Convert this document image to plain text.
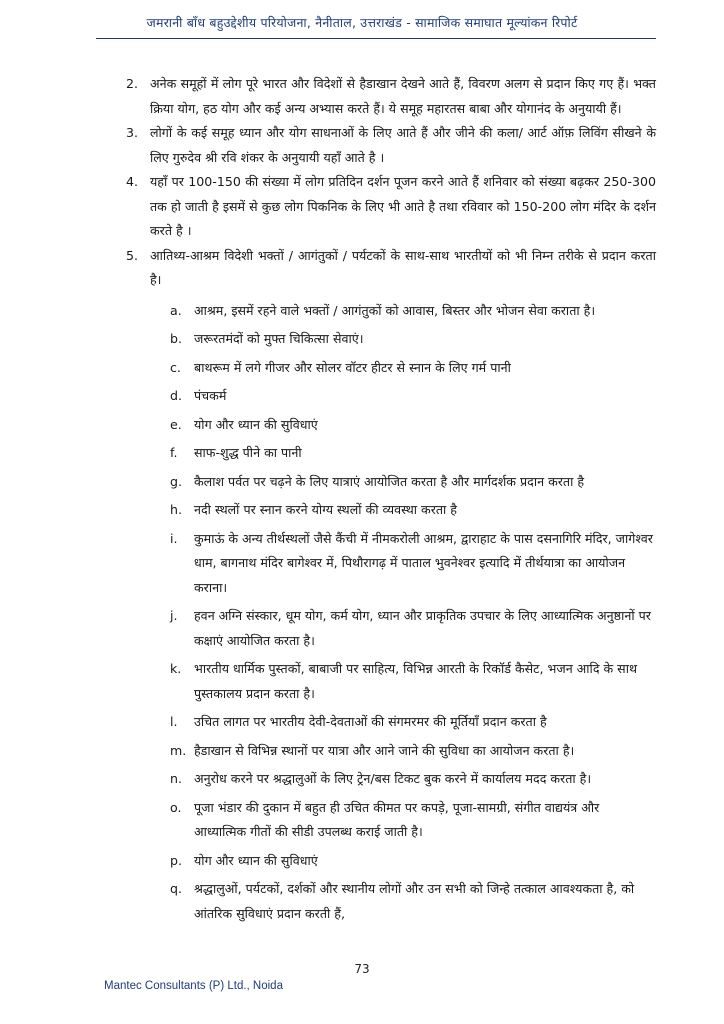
जमरानी बाँध बहुउद्देशीय परियोजना, नैनीताल, उत्तराखंड - सामाजिक समाघात मूल्यांकन रिपोर्ट
2. अनेक समूहों में लोग पूरे भारत और विदेशों से हैडाखान देखने आते हैं, विवरण अलग से प्रदान किए गए हैं। भक्त क्रिया योग, हठ योग और कई अन्य अभ्यास करते हैं। ये समूह महारतस बाबा और योगानंद के अनुयायी हैं।
3. लोगों के कई समूह ध्यान और योग साधनाओं के लिए आते हैं और जीने की कला/ आर्ट ऑफ़ लिविंग सीखने के लिए गुरुदेव श्री रवि शंकर के अनुयायी यहाँ आते है ।
4. यहाँ पर 100-150 की संख्या में लोग प्रतिदिन दर्शन पूजन करने आते हैं शनिवार को संख्या बढ़कर 250-300 तक हो जाती है इसमें से कुछ लोग पिकनिक के लिए भी आते है तथा रविवार को 150-200 लोग मंदिर के दर्शन करते है ।
5. आतिथ्य-आश्रम विदेशी भक्तों / आगंतुकों / पर्यटकों के साथ-साथ भारतीयों को भी निम्न तरीके से प्रदान करता है।
a. आश्रम, इसमें रहने वाले भक्तों / आगंतुकों को आवास, बिस्तर और भोजन सेवा कराता है।
b. जरूरतमंदों को मुफ्त चिकित्सा सेवाएं।
c. बाथरूम में लगे गीजर और सोलर वॉटर हीटर से स्नान के लिए गर्म पानी
d. पंचकर्म
e. योग और ध्यान की सुविधाएं
f. साफ-शुद्ध पीने का पानी
g. कैलाश पर्वत पर चढ़ने के लिए यात्राएं आयोजित करता है और मार्गदर्शक प्रदान करता है
h. नदी स्थलों पर स्नान करने योग्य स्थलों की व्यवस्था करता है
i. कुमाऊं के अन्य तीर्थस्थलों जैसे कैंची में नीमकरोली आश्रम, द्वाराहाट के पास दसनागिरि मंदिर, जागेश्वर धाम, बागनाथ मंदिर बागेश्वर में, पिथौरागढ़ में पाताल भुवनेश्वर इत्यादि में तीर्थयात्रा का आयोजन कराना।
j. हवन अग्नि संस्कार, धूम योग, कर्म योग, ध्यान और प्राकृतिक उपचार के लिए आध्यात्मिक अनुष्ठानों पर कक्षाएं आयोजित करता है।
k. भारतीय धार्मिक पुस्तकों, बाबाजी पर साहित्य, विभिन्न आरती के रिकॉर्ड कैसेट, भजन आदि के साथ पुस्तकालय प्रदान करता है।
l. उचित लागत पर भारतीय देवी-देवताओं की संगमरमर की मूर्तियाँ प्रदान करता है
m. हैडाखान से विभिन्न स्थानों पर यात्रा और आने जाने की सुविधा का आयोजन करता है।
n. अनुरोध करने पर श्रद्धालुओं के लिए ट्रेन/बस टिकट बुक करने में कार्यालय मदद करता है।
o. पूजा भंडार की दुकान में बहुत ही उचित कीमत पर कपड़े, पूजा-सामग्री, संगीत वाद्ययंत्र और आध्यात्मिक गीतों की सीडी उपलब्ध कराई जाती है।
p. योग और ध्यान की सुविधाएं
q. श्रद्धालुओं, पर्यटकों, दर्शकों और स्थानीय लोगों और उन सभी को जिन्हे तत्काल आवश्यकता है, को आंतरिक सुविधाएं प्रदान करती हैं,
73
Mantec Consultants (P) Ltd., Noida
